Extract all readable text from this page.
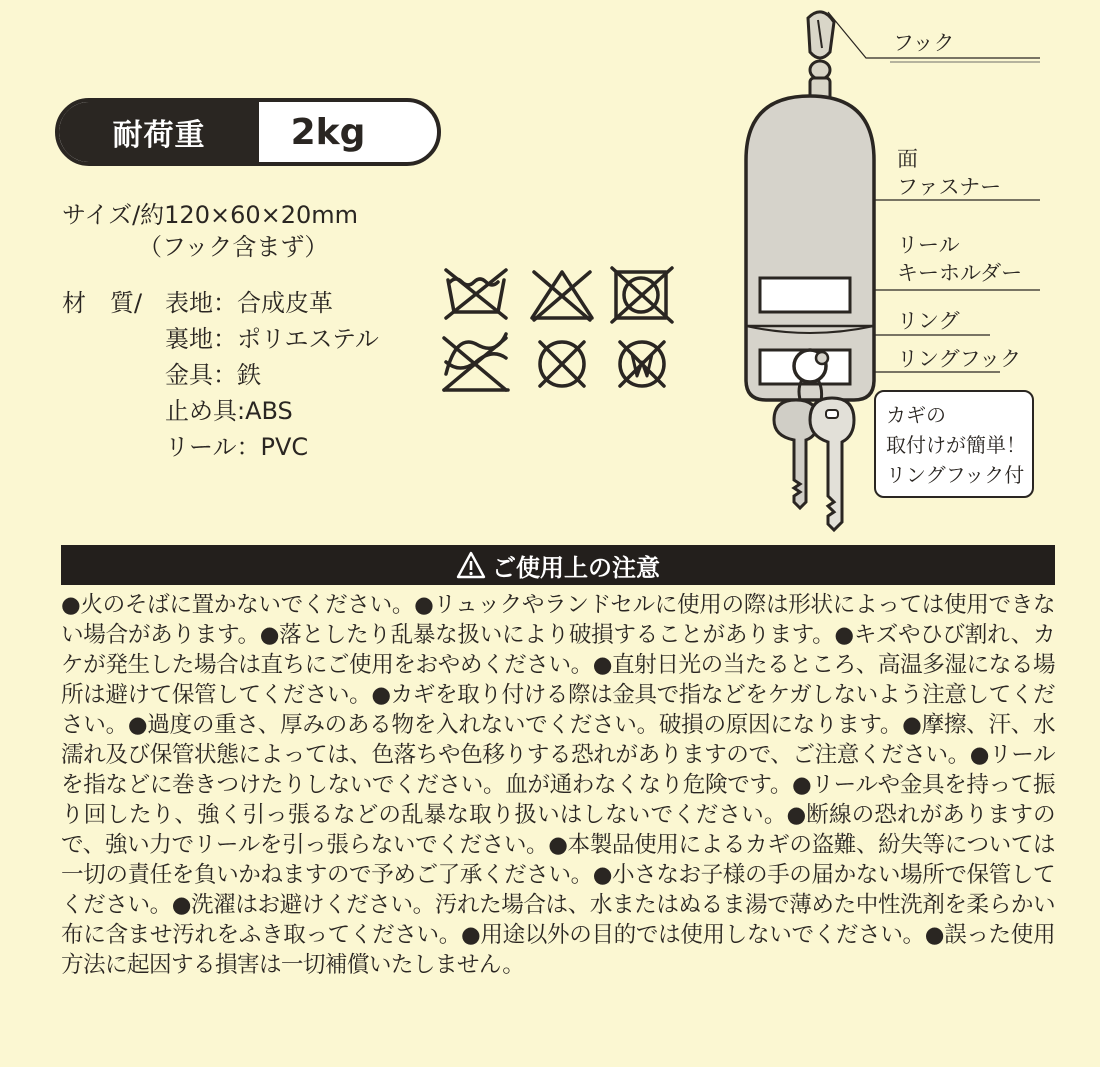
耐荷重	2kg
サイズ/約120×60×20mm
（フック含まず）
材　質/ 表地：合成皮革
裏地：ポリエステル
金具：鉄
止め具:ABS
リール：PVC
フック
面
ファスナー
リール
キーホルダー
リング
リングフック
カギの
取付けが簡単！
リングフック付
ご使用上の注意
●火のそばに置かないでください。●リュックやランドセルに使用の際は形状によっては使用できない場合があります。●落としたり乱暴な扱いにより破損することがあります。●キズやひび割れ、カケが発生した場合は直ちにご使用をおやめください。●直射日光の当たるところ、高温多湿になる場所は避けて保管してください。●カギを取り付ける際は金具で指などをケガしないよう注意してください。●過度の重さ、厚みのある物を入れないでください。破損の原因になります。●摩擦、汗、水濡れ及び保管状態によっては、色落ちや色移りする恐れがありますので、ご注意ください。●リールを指などに巻きつけたりしないでください。血が通わなくなり危険です。●リールや金具を持って振り回したり、強く引っ張るなどの乱暴な取り扱いはしないでください。●断線の恐れがありますので、強い力でリールを引っ張らないでください。●本製品使用によるカギの盗難、紛失等については一切の責任を負いかねますので予めご了承ください。●小さなお子様の手の届かない場所で保管してください。●洗濯はお避けください。汚れた場合は、水またはぬるま湯で薄めた中性洗剤を柔らかい布に含ませ汚れをふき取ってください。●用途以外の目的では使用しないでください。●誤った使用方法に起因する損害は一切補償いたしません。
